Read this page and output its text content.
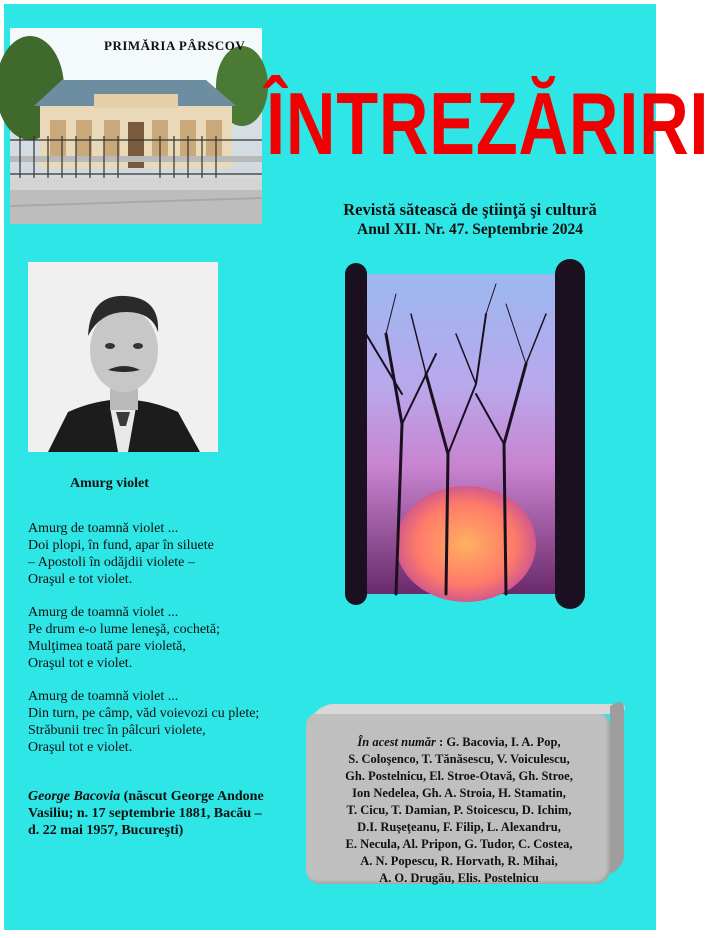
PRIMĂRIA PÂRSCOV
ÎNTREZĂRIRI
Revistă sătească de ştiinţă şi cultură
Anul XII. Nr. 47. Septembrie 2024
Amurg violet
Amurg de toamnă violet ...
Doi plopi, în fund, apar în siluete
– Apostoli în odăjdii violete –
Oraşul e tot violet.
Amurg de toamnă violet ...
Pe drum e-o lume leneşă, cochetă;
Mulţimea toată pare violetă,
Oraşul tot e violet.
Amurg de toamnă violet ...
Din turn, pe câmp, văd voievozi cu plete;
Străbunii trec în pâlcuri violete,
Oraşul tot e violet.
George Bacovia (născut George Andone
Vasiliu; n. 17 septembrie 1881, Bacău –
d. 22 mai 1957, Bucureşti)
În acest număr : G. Bacovia, I. A. Pop,
S. Coloşenco, T. Tănăsescu, V. Voiculescu,
Gh. Postelnicu, El. Stroe-Otavă, Gh. Stroe,
Ion Nedelea, Gh. A. Stroia, H. Stamatin,
T. Cicu, T. Damian, P. Stoicescu, D. Ichim,
D.I. Ruşeţeanu, F. Filip, L. Alexandru,
E. Necula, Al. Pripon, G. Tudor, C. Costea,
A. N. Popescu, R. Horvath, R. Mihai,
A. O. Drugău, Elis. Postelnicu
